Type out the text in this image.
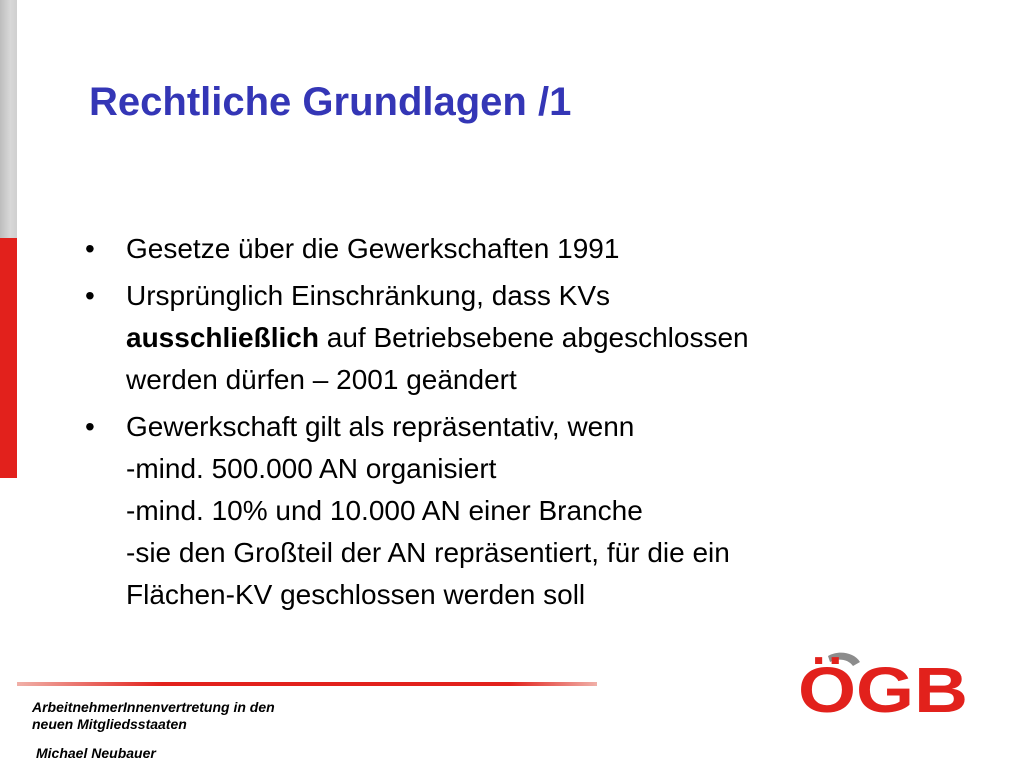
Rechtliche Grundlagen /1
• Gesetze über die Gewerkschaften 1991
• Ursprünglich Einschränkung, dass KVs
ausschließlich auf Betriebsebene abgeschlossen
werden dürfen – 2001 geändert
• Gewerkschaft gilt als repräsentativ, wenn
-mind. 500.000 AN organisiert
-mind. 10% und 10.000 AN einer Branche
-sie den Großteil der AN repräsentiert, für die ein
Flächen-KV geschlossen werden soll
ArbeitnehmerInnenvertretung in den neuen Mitgliedsstaaten
Michael Neubauer
ÖGB
